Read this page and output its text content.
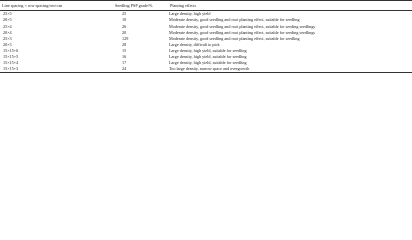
Line spacing × row spacing/cm×cm	Seedling PSP grade/%	Planting effects
25×5	25	Large density, high yield
20×5	10	Moderate density, good seedling and root planting effect, suitable for seedling
25×4	26	Moderate density, good seedling and root planting effect, suitable for seeding seedlings
20×4	20	Moderate density, good seedling and root planting effect, suitable for seeding seedlings
25×3	129	Moderate density, good seedling and root planting effect, suitable for seedling
20×3	28	Large density, difficult to pick
15×15+6	15	Large density, high yield, suitable for seedling
15×15+5	16	Large density, high yield, suitable for seedling
15×15+4	17	Large density, high yield, suitable for seedling
15×15+3	24	Too large density, narrow space and overgrowth
